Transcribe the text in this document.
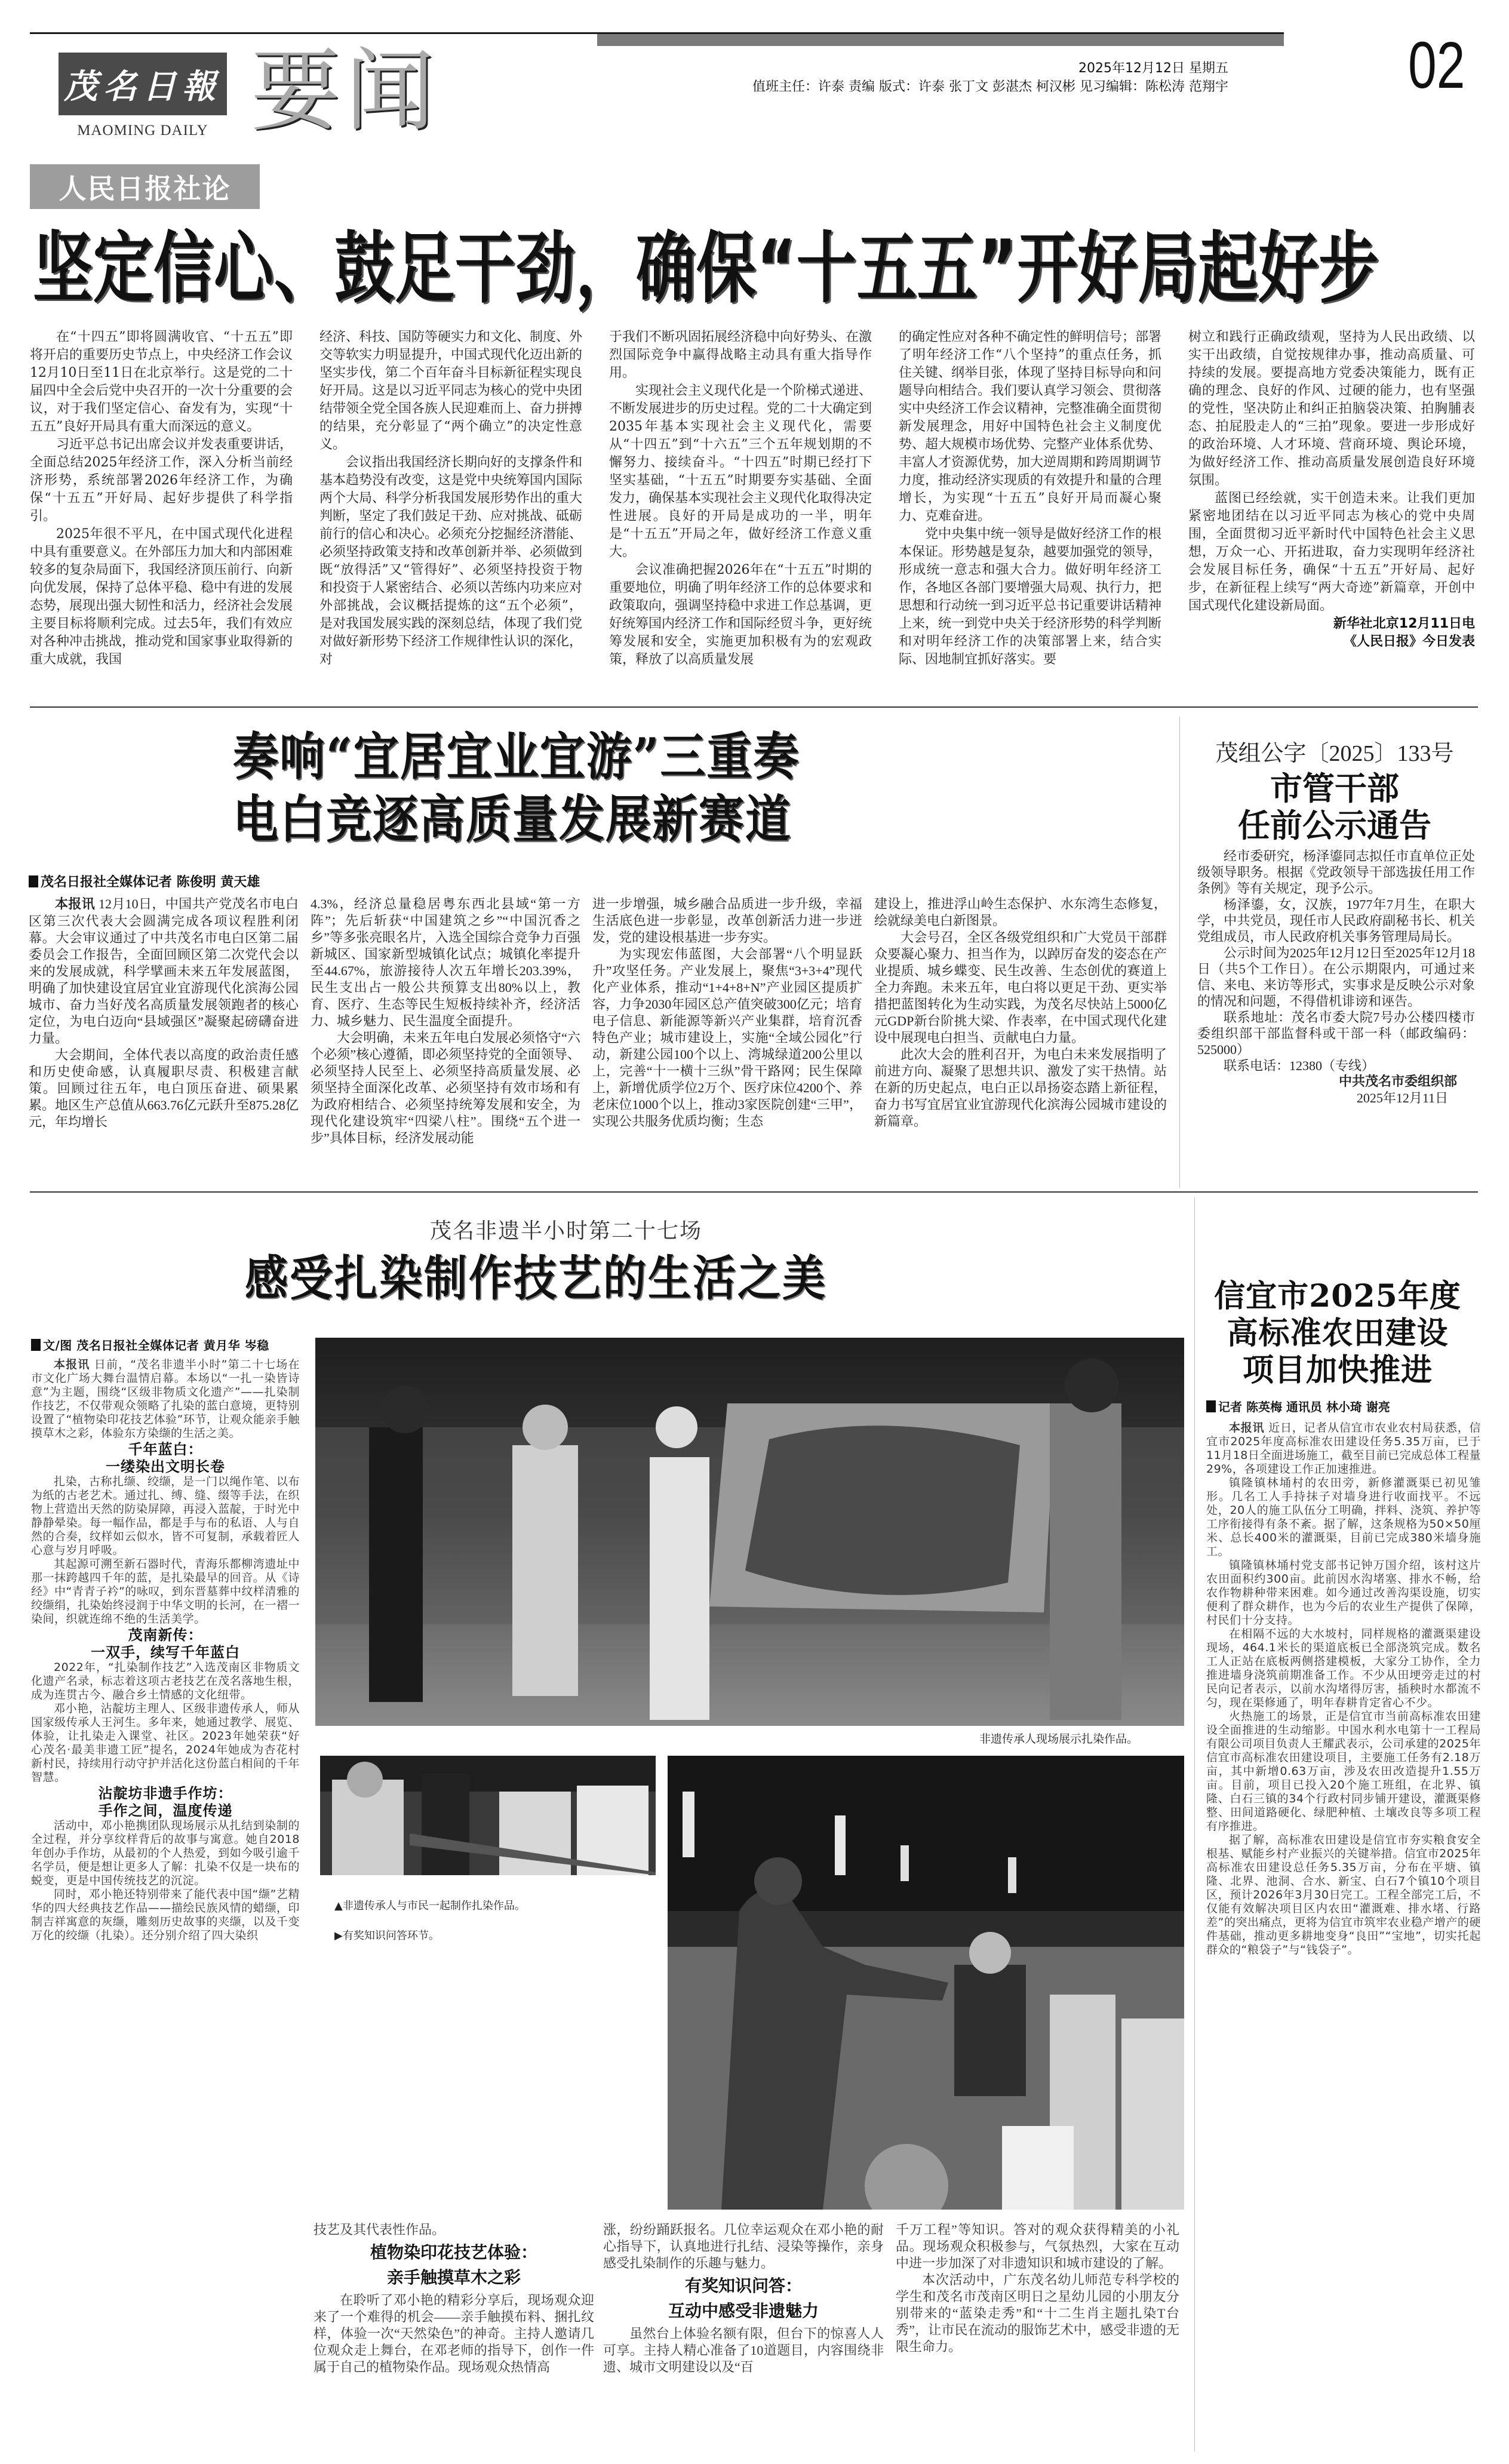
茂名日報
MAOMING DAILY 要闻	2025年12月12日 星期五
值班主任：许泰 责编 版式：许泰 张丁文 彭湛杰 柯汉彬 见习编辑：陈松涛 范翔宇	02
人民日报社论
坚定信心、鼓足干劲，确保“十五五”开好局起好步

在“十四五”即将圆满收官、“十五五”即将开启的重要历史节点上，中央经济工作会议12月10日至11日在北京举行。这是党的二十届四中全会后党中央召开的一次十分重要的会议，对于我们坚定信心、奋发有为，实现“十五五”良好开局具有重大而深远的意义。

习近平总书记出席会议并发表重要讲话，全面总结2025年经济工作，深入分析当前经济形势，系统部署2026年经济工作，为确保“十五五”开好局、起好步提供了科学指引。

2025年很不平凡，在中国式现代化进程中具有重要意义。在外部压力加大和内部困难较多的复杂局面下，我国经济顶压前行、向新向优发展，保持了总体平稳、稳中有进的发展态势，展现出强大韧性和活力，经济社会发展主要目标将顺利完成。过去5年，我们有效应对各种冲击挑战，推动党和国家事业取得新的重大成就，我国

经济、科技、国防等硬实力和文化、制度、外交等软实力明显提升，中国式现代化迈出新的坚实步伐，第二个百年奋斗目标新征程实现良好开局。这是以习近平同志为核心的党中央团结带领全党全国各族人民迎难而上、奋力拼搏的结果，充分彰显了“两个确立”的决定性意义。

会议指出我国经济长期向好的支撑条件和基本趋势没有改变，这是党中央统筹国内国际两个大局、科学分析我国发展形势作出的重大判断，坚定了我们鼓足干劲、应对挑战、砥砺前行的信心和决心。必须充分挖掘经济潜能、必须坚持政策支持和改革创新并举、必须做到既“放得活”又“管得好”、必须坚持投资于物和投资于人紧密结合、必须以苦练内功来应对外部挑战，会议概括提炼的这“五个必须”，是对我国发展实践的深刻总结，体现了我们党对做好新形势下经济工作规律性认识的深化，对

于我们不断巩固拓展经济稳中向好势头、在激烈国际竞争中赢得战略主动具有重大指导作用。

实现社会主义现代化是一个阶梯式递进、不断发展进步的历史过程。党的二十大确定到2035年基本实现社会主义现代化，需要从“十四五”到“十六五”三个五年规划期的不懈努力、接续奋斗。“十四五”时期已经打下坚实基础，“十五五”时期要夯实基础、全面发力，确保基本实现社会主义现代化取得决定性进展。良好的开局是成功的一半，明年是“十五五”开局之年，做好经济工作意义重大。

会议准确把握2026年在“十五五”时期的重要地位，明确了明年经济工作的总体要求和政策取向，强调坚持稳中求进工作总基调，更好统筹国内经济工作和国际经贸斗争，更好统筹发展和安全，实施更加积极有为的宏观政策，释放了以高质量发展

的确定性应对各种不确定性的鲜明信号；部署了明年经济工作“八个坚持”的重点任务，抓住关键、纲举目张，体现了坚持目标导向和问题导向相结合。我们要认真学习领会、贯彻落实中央经济工作会议精神，完整准确全面贯彻新发展理念，用好中国特色社会主义制度优势、超大规模市场优势、完整产业体系优势、丰富人才资源优势，加大逆周期和跨周期调节力度，推动经济实现质的有效提升和量的合理增长，为实现“十五五”良好开局而凝心聚力、克难奋进。

党中央集中统一领导是做好经济工作的根本保证。形势越是复杂，越要加强党的领导，形成统一意志和强大合力。做好明年经济工作，各地区各部门要增强大局观、执行力，把思想和行动统一到习近平总书记重要讲话精神上来，统一到党中央关于经济形势的科学判断和对明年经济工作的决策部署上来，结合实际、因地制宜抓好落实。要

树立和践行正确政绩观，坚持为人民出政绩、以实干出政绩，自觉按规律办事，推动高质量、可持续的发展。要提高地方党委决策能力，既有正确的理念、良好的作风、过硬的能力，也有坚强的党性，坚决防止和纠正拍脑袋决策、拍胸脯表态、拍屁股走人的“三拍”现象。要进一步形成好的政治环境、人才环境、营商环境、舆论环境，为做好经济工作、推动高质量发展创造良好环境氛围。

蓝图已经绘就，实干创造未来。让我们更加紧密地团结在以习近平同志为核心的党中央周围，全面贯彻习近平新时代中国特色社会主义思想，万众一心、开拓进取，奋力实现明年经济社会发展目标任务，确保“十五五”开好局、起好步，在新征程上续写“两大奇迹”新篇章，开创中国式现代化建设新局面。

新华社北京12月11日电

《人民日报》今日发表

奏响“宜居宜业宜游”三重奏
电白竞逐高质量发展新赛道
茂名日报社全媒体记者 陈俊明 黄天雄

本报讯 12月10日，中国共产党茂名市电白区第三次代表大会圆满完成各项议程胜利闭幕。大会审议通过了中共茂名市电白区第二届委员会工作报告，全面回顾区第二次党代会以来的发展成就，科学擘画未来五年发展蓝图，明确了加快建设宜居宜业宜游现代化滨海公园城市、奋力当好茂名高质量发展领跑者的核心定位，为电白迈向“县域强区”凝聚起磅礴奋进力量。

大会期间，全体代表以高度的政治责任感和历史使命感，认真履职尽责、积极建言献策。回顾过往五年，电白顶压奋进、硕果累累。地区生产总值从663.76亿元跃升至875.28亿元，年均增长

4.3%，经济总量稳居粤东西北县域“第一方阵”；先后斩获“中国建筑之乡”“中国沉香之乡”等多张亮眼名片，入选全国综合竞争力百强新城区、国家新型城镇化试点；城镇化率提升至44.67%，旅游接待人次五年增长203.39%，民生支出占一般公共预算支出80%以上，教育、医疗、生态等民生短板持续补齐，经济活力、城乡魅力、民生温度全面提升。

大会明确，未来五年电白发展必须恪守“六个必须”核心遵循，即必须坚持党的全面领导、必须坚持人民至上、必须坚持高质量发展、必须坚持全面深化改革、必须坚持有效市场和有为政府相结合、必须坚持统筹发展和安全，为现代化建设筑牢“四梁八柱”。围绕“五个进一步”具体目标，经济发展动能

进一步增强，城乡融合品质进一步升级，幸福生活底色进一步彰显，改革创新活力进一步迸发，党的建设根基进一步夯实。

为实现宏伟蓝图，大会部署“八个明显跃升”攻坚任务。产业发展上，聚焦“3+3+4”现代化产业体系，推动“1+4+8+N”产业园区提质扩容，力争2030年园区总产值突破300亿元；培育电子信息、新能源等新兴产业集群，培育沉香特色产业；城市建设上，实施“全域公园化”行动，新建公园100个以上、湾城绿道200公里以上，完善“十一横十三纵”骨干路网；民生保障上，新增优质学位2万个、医疗床位4200个、养老床位1000个以上，推动3家医院创建“三甲”，实现公共服务优质均衡；生态

建设上，推进浮山岭生态保护、水东湾生态修复，绘就绿美电白新图景。

大会号召，全区各级党组织和广大党员干部群众要凝心聚力、担当作为，以踔厉奋发的姿态在产业提质、城乡蝶变、民生改善、生态创优的赛道上全力奔跑。未来五年，电白将以更足干劲、更实举措把蓝图转化为生动实践，为茂名尽快站上5000亿元GDP新台阶挑大梁、作表率，在中国式现代化建设中展现电白担当、贡献电白力量。

此次大会的胜利召开，为电白未来发展指明了前进方向、凝聚了思想共识、激发了实干热情。站在新的历史起点，电白正以昂扬姿态踏上新征程，奋力书写宜居宜业宜游现代化滨海公园城市建设的新篇章。

茂组公字〔2025〕133号
市管干部
任前公示通告

经市委研究，杨泽鎏同志拟任市直单位正处级领导职务。根据《党政领导干部选拔任用工作条例》等有关规定，现予公示。

杨泽鎏，女，汉族，1977年7月生，在职大学，中共党员，现任市人民政府副秘书长、机关党组成员，市人民政府机关事务管理局局长。

公示时间为2025年12月12日至2025年12月18日（共5个工作日）。在公示期限内，可通过来信、来电、来访等形式，实事求是反映公示对象的情况和问题，不得借机诽谤和诬告。

联系地址：茂名市委大院7号办公楼四楼市委组织部干部监督科或干部一科（邮政编码：525000）

联系电话：12380（专线）

中共茂名市委组织部

2025年12月11日

茂名非遗半小时第二十七场
感受扎染制作技艺的生活之美
文/图 茂名日报社全媒体记者 黄月华 岑稳

本报讯 日前，“茂名非遗半小时”第二十七场在市文化广场大舞台温情启幕。本场以“一扎一染皆诗意”为主题，围绕“区级非物质文化遗产”——扎染制作技艺，不仅带观众领略了扎染的蓝白意境，更特别设置了“植物染印花技艺体验”环节，让观众能亲手触摸草木之彩，体验东方染缬的生活之美。

千年蓝白：

一缕染出文明长卷

扎染，古称扎缬、绞缬，是一门以绳作笔、以布为纸的古老艺术。通过扎、缚、缝、缀等手法，在织物上营造出天然的防染屏障，再浸入蓝靛，于时光中静静晕染。每一幅作品，都是手与布的私语、人与自然的合奏，纹样如云似水，皆不可复制，承载着匠人心意与岁月呼吸。

其起源可溯至新石器时代，青海乐都柳湾遗址中那一抹跨越四千年的蓝，是扎染最早的回音。从《诗经》中“青青子衿”的咏叹，到东晋墓葬中纹样清雅的绞缬绢，扎染始终浸润于中华文明的长河，在一褶一染间，织就连绵不绝的生活美学。

茂南新传：

一双手，续写千年蓝白

2022年，“扎染制作技艺”入选茂南区非物质文化遗产名录，标志着这项古老技艺在茂名落地生根，成为连贯古今、融合乡土情感的文化纽带。

邓小艳，沾靛坊主理人、区级非遗传承人，师从国家级传承人王河生。多年来，她通过教学、展览、体验，让扎染走入课堂、社区。2023年她荣获“好心茂名·最美非遗工匠”提名，2024年她成为杏花村新村民，持续用行动守护并活化这份蓝白相间的千年智慧。

沾靛坊非遗手作坊：

手作之间，温度传递

活动中，邓小艳携团队现场展示从扎结到染制的全过程，并分享纹样背后的故事与寓意。她自2018年创办手作坊，从最初的个人热爱，到如今吸引逾千名学员，便是想让更多人了解：扎染不仅是一块布的蜕变，更是中国传统技艺的沉淀。

同时，邓小艳还特别带来了能代表中国“缬”艺精华的四大经典技艺作品——描绘民族风情的蜡缬，印制吉祥寓意的灰缬，雕刻历史故事的夹缬，以及千变万化的绞缬（扎染）。还分别介绍了四大染织

非遗传承人现场展示扎染作品。
▲非遗传承人与市民一起制作扎染作品。
▶有奖知识问答环节。

技艺及其代表性作品。

植物染印花技艺体验：

亲手触摸草木之彩

在聆听了邓小艳的精彩分享后，现场观众迎来了一个难得的机会——亲手触摸布料、捆扎纹样，体验一次“天然染色”的神奇。主持人邀请几位观众走上舞台，在邓老师的指导下，创作一件属于自己的植物染作品。现场观众热情高

涨，纷纷踊跃报名。几位幸运观众在邓小艳的耐心指导下，认真地进行扎结、浸染等操作，亲身感受扎染制作的乐趣与魅力。

有奖知识问答：

互动中感受非遗魅力

虽然台上体验名额有限，但台下的惊喜人人可享。主持人精心准备了10道题目，内容围绕非遗、城市文明建设以及“百

千万工程”等知识。答对的观众获得精美的小礼品。现场观众积极参与，气氛热烈，大家在互动中进一步加深了对非遗知识和城市建设的了解。

本次活动中，广东茂名幼儿师范专科学校的学生和茂名市茂南区明日之星幼儿园的小朋友分别带来的“蓝染走秀”和“十二生肖主题扎染T台秀”，让市民在流动的服饰艺术中，感受非遗的无限生命力。

信宜市2025年度
高标准农田建设
项目加快推进
记者 陈英梅 通讯员 林小琦 谢亮

本报讯 近日，记者从信宜市农业农村局获悉，信宜市2025年度高标准农田建设任务5.35万亩，已于11月18日全面进场施工，截至目前已完成总体工程量29%，各项建设工作正加速推进。

镇隆镇林埇村的农田旁，新修灌溉渠已初见雏形。几名工人手持抹子对墙身进行收面找平。不远处，20人的施工队伍分工明确，拌料、浇筑、养护等工序衔接得有条不紊。据了解，这条规格为50×50厘米、总长400米的灌溉渠，目前已完成380米墙身施工。

镇隆镇林埇村党支部书记钟万国介绍，该村这片农田面积约300亩。此前因水沟堵塞、排水不畅，给农作物耕种带来困难。如今通过改善沟渠设施，切实便利了群众耕作，也为今后的农业生产提供了保障，村民们十分支持。

在相隔不远的大水坡村，同样规格的灌溉渠建设现场，464.1米长的渠道底板已全部浇筑完成。数名工人正站在底板两侧搭建模板，大家分工协作，全力推进墙身浇筑前期准备工作。不少从田埂旁走过的村民向记者表示，以前水沟堵得厉害，插秧时水都流不匀，现在渠修通了，明年春耕肯定省心不少。

火热施工的场景，正是信宜市当前高标准农田建设全面推进的生动缩影。中国水利水电第十一工程局有限公司项目负责人王耀武表示，公司承建的2025年信宜市高标准农田建设项目，主要施工任务有2.18万亩，其中新增0.63万亩，涉及农田改造提升1.55万亩。目前，项目已投入20个施工班组，在北界、镇隆、白石三镇的34个行政村同步铺开建设，灌溉渠修整、田间道路硬化、绿肥种植、土壤改良等多项工程有序推进。

据了解，高标准农田建设是信宜市夯实粮食安全根基、赋能乡村产业振兴的关键举措。信宜市2025年高标准农田建设总任务5.35万亩，分布在平塘、镇隆、北界、池洞、合水、新宝、白石7个镇10个项目区，预计2026年3月30日完工。工程全部完工后，不仅能有效解决项目区内农田“灌溉难、排水堵、行路差”的突出痛点，更将为信宜市筑牢农业稳产增产的硬件基础，推动更多耕地变身“良田”“宝地”，切实托起群众的“粮袋子”与“钱袋子”。
